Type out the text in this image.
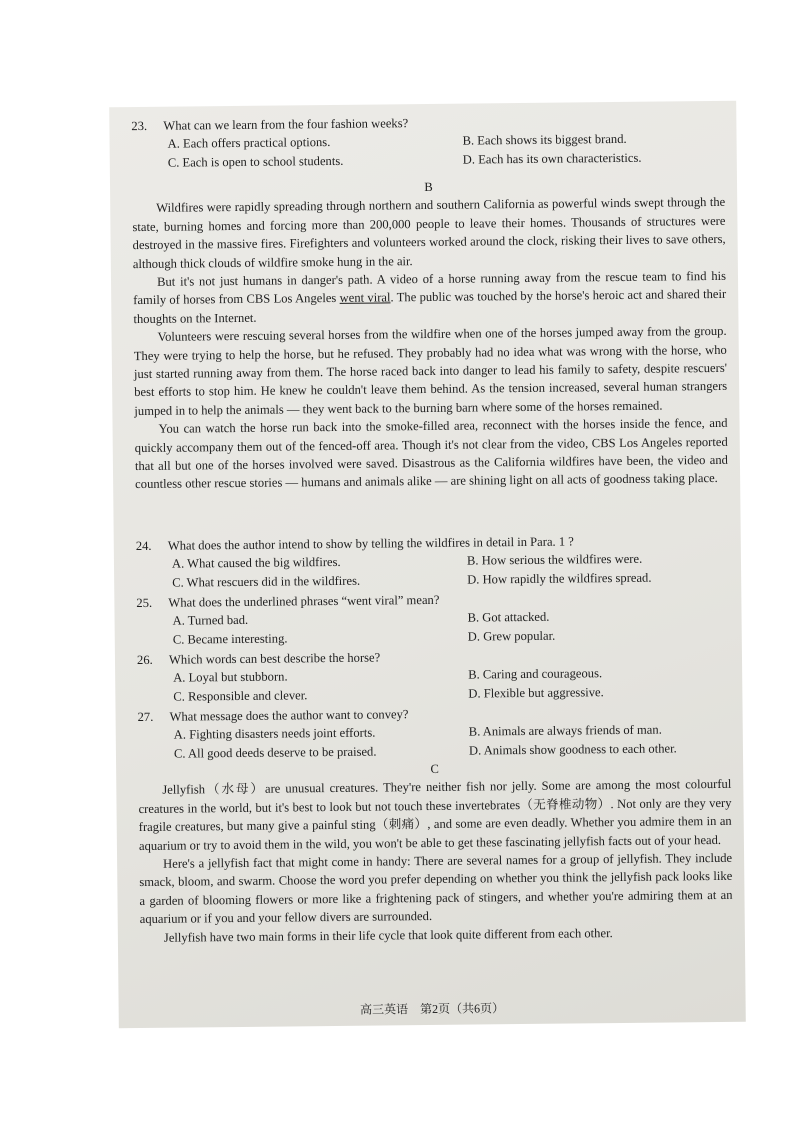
23. What can we learn from the four fashion weeks?
A. Each offers practical options.	B. Each shows its biggest brand.
C. Each is open to school students.	D. Each has its own characteristics.
B

Wildfires were rapidly spreading through northern and southern California as powerful winds swept through the state, burning homes and forcing more than 200,000 people to leave their homes. Thousands of structures were destroyed in the massive fires. Firefighters and volunteers worked around the clock, risking their lives to save others, although thick clouds of wildfire smoke hung in the air.

But it's not just humans in danger's path. A video of a horse running away from the rescue team to find his family of horses from CBS Los Angeles went viral. The public was touched by the horse's heroic act and shared their thoughts on the Internet.

Volunteers were rescuing several horses from the wildfire when one of the horses jumped away from the group. They were trying to help the horse, but he refused. They probably had no idea what was wrong with the horse, who just started running away from them. The horse raced back into danger to lead his family to safety, despite rescuers' best efforts to stop him. He knew he couldn't leave them behind. As the tension increased, several human strangers jumped in to help the animals — they went back to the burning barn where some of the horses remained.

You can watch the horse run back into the smoke-filled area, reconnect with the horses inside the fence, and quickly accompany them out of the fenced-off area. Though it's not clear from the video, CBS Los Angeles reported that all but one of the horses involved were saved. Disastrous as the California wildfires have been, the video and countless other rescue stories — humans and animals alike — are shining light on all acts of goodness taking place.

24. What does the author intend to show by telling the wildfires in detail in Para. 1 ?
A. What caused the big wildfires.	B. How serious the wildfires were.
C. What rescuers did in the wildfires.	D. How rapidly the wildfires spread.
25. What does the underlined phrases “went viral” mean?
A. Turned bad.	B. Got attacked.
C. Became interesting.	D. Grew popular.
26. Which words can best describe the horse?
A. Loyal but stubborn.	B. Caring and courageous.
C. Responsible and clever.	D. Flexible but aggressive.
27. What message does the author want to convey?
A. Fighting disasters needs joint efforts.	B. Animals are always friends of man.
C. All good deeds deserve to be praised.	D. Animals show goodness to each other.
C

Jellyfish（水母）are unusual creatures. They're neither fish nor jelly. Some are among the most colourful creatures in the world, but it's best to look but not touch these invertebrates（无脊椎动物）. Not only are they very fragile creatures, but many give a painful sting（刺痛）, and some are even deadly. Whether you admire them in an aquarium or try to avoid them in the wild, you won't be able to get these fascinating jellyfish facts out of your head.

Here's a jellyfish fact that might come in handy: There are several names for a group of jellyfish. They include smack, bloom, and swarm. Choose the word you prefer depending on whether you think the jellyfish pack looks like a garden of blooming flowers or more like a frightening pack of stingers, and whether you're admiring them at an aquarium or if you and your fellow divers are surrounded.

Jellyfish have two main forms in their life cycle that look quite different from each other.

高三英语　第2页（共6页）
